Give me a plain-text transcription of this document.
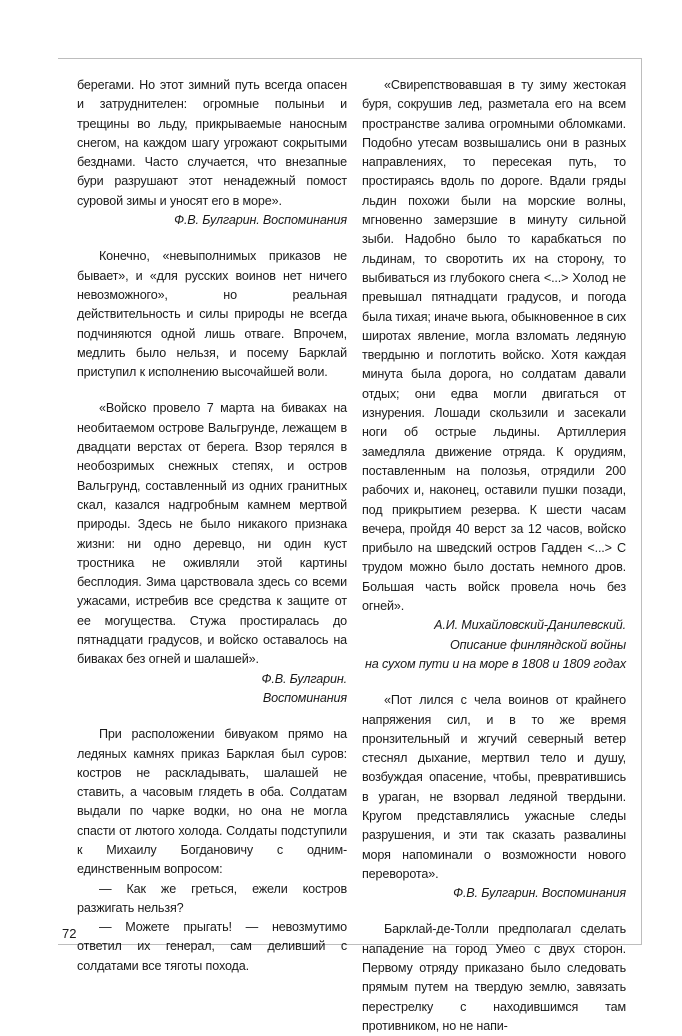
берегами. Но этот зимний путь всегда опасен и затруднителен: огромные полыньи и трещины во льду, прикрываемые наносным снегом, на каждом шагу угрожают сокрытыми безднами. Часто случается, что внезапные бури разрушают этот ненадежный помост суровой зимы и уносят его в море».

Ф.В. Булгарин. Воспоминания

Конечно, «невыполнимых приказов не бывает», и «для русских воинов нет ничего невозможного», но реальная действительность и силы природы не всегда подчиняются одной лишь отваге. Впрочем, медлить было нельзя, и посему Барклай приступил к исполнению высочайшей воли.

«Войско провело 7 марта на биваках на необитаемом острове Вальгрунде, лежащем в двадцати верстах от берега. Взор терялся в необозримых снежных степях, и остров Вальгрунд, составленный из одних гранитных скал, казался надгробным камнем мертвой природы. Здесь не было никакого признака жизни: ни одно деревцо, ни один куст тростника не оживляли этой картины бесплодия. Зима царствовала здесь со всеми ужасами, истребив все средства к защите от ее могущества. Стужа простиралась до пятнадцати градусов, и войско оставалось на биваках без огней и шалашей».

Ф.В. Булгарин.

Воспоминания

При расположении бивуаком прямо на ледяных камнях приказ Барклая был суров: костров не раскладывать, шалашей не ставить, а часовым глядеть в оба. Солдатам выдали по чарке водки, но она не могла спасти от лютого холода. Солдаты подступили к Михаилу Богдановичу с одним-единственным вопросом:

— Как же греться, ежели костров разжигать нельзя?

— Можете прыгать! — невозмутимо ответил их генерал, сам деливший с солдатами все тяготы похода.

«Свирепствовавшая в ту зиму жестокая буря, сокрушив лед, разметала его на всем пространстве залива огромными обломками. Подобно утесам возвышались они в разных направлениях, то пересекая путь, то простираясь вдоль по дороге. Вдали гряды льдин похожи были на морские волны, мгновенно замерзшие в минуту сильной зыби. Надобно было то карабкаться по льдинам, то своротить их на сторону, то выбиваться из глубокого снега <...> Холод не превышал пятнадцати градусов, и погода была тихая; иначе вьюга, обыкновенное в сих широтах явление, могла взломать ледяную твердыню и поглотить войско. Хотя каждая минута была дорога, но солдатам давали отдых; они едва могли двигаться от изнурения. Лошади скользили и засекали ноги об острые льдины. Артиллерия замедляла движение отряда. К орудиям, поставленным на полозья, отрядили 200 рабочих и, наконец, оставили пушки позади, под прикрытием резерва. К шести часам вечера, пройдя 40 верст за 12 часов, войско прибыло на шведский остров Гадден <...> С трудом можно было достать немного дров. Большая часть войск провела ночь без огней».

А.И. Михайловский-Данилевский.

Описание финляндской войны

на сухом пути и на море в 1808 и 1809 годах

«Пот лился с чела воинов от крайнего напряжения сил, и в то же время пронзительный и жгучий северный ветер стеснял дыхание, мертвил тело и душу, возбуждая опасение, чтобы, превратившись в ураган, не взорвал ледяной твердыни. Кругом представлялись ужасные следы разрушения, и эти так сказать развалины моря напоминали о возможности нового переворота».

Ф.В. Булгарин. Воспоминания

Барклай-де-Толли предполагал сделать нападение на город Умео с двух сторон. Первому отряду приказано было следовать прямым путем на твердую землю, завязать перестрелку с находившимся там противником, но не напи-

72
